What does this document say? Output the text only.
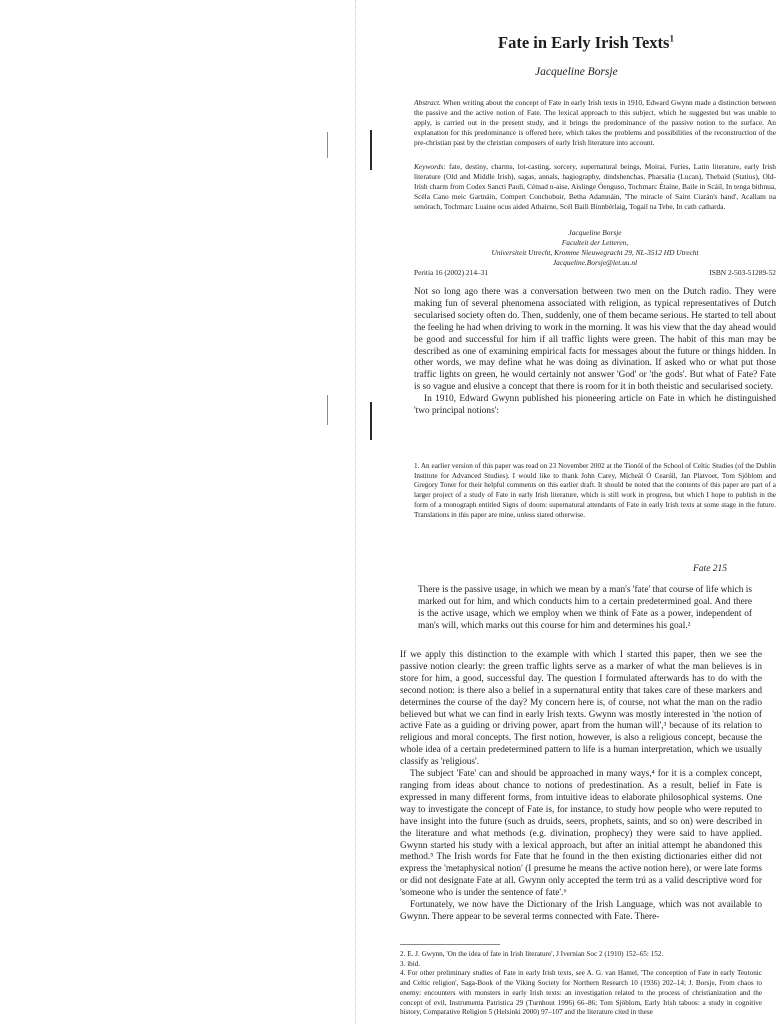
Fate in Early Irish Texts$^1$
Jacqueline Borsje

Abstract. When writing about the concept of Fate in early Irish texts in 1910, Edward Gwynn made a distinction between the passive and the active notion of Fate. The lexical approach to this subject, which he suggested but was unable to apply, is carried out in the present study, and it brings the predominance of the passive notion to the surface. An explanation for this predominance is offered here, which takes the problems and possibilities of the reconstruction of the pre-christian past by the christian composers of early Irish literature into account.

Keywords: fate, destiny, charms, lot-casting, sorcery, supernatural beings, Moirai, Furies, Latin literature, early Irish literature (Old and Middle Irish), sagas, annals, hagiography, dindshenchas, Pharsalia (Lucan), Thebaid (Statius), Old-Irish charm from Codex Sancti Pauli, Cétnad n-aise, Aislinge Óenguso, Tochmarc Étaíne, Baile in Scáil, In tenga bithnua, Scéla Cano meic Gartnáin, Compert Conchobuir, Betha Adamnáin, 'The miracle of Saint Ciarán's hand', Acallam na senórach, Tochmarc Luaine ocus aided Athairne, Scél Baili Binnbérlaig, Togail na Tebe, In cath catharda.

Jacqueline Borsje
Faculteit der Letteren,
Universiteit Utrecht, Kromme Nieuwegracht 29, NL-3512 HD Utrecht
Jacqueline.Borsje@let.uu.nl
Peritia 16 (2002) 214–31	ISBN 2-503-51289-52

Not so long ago there was a conversation between two men on the Dutch radio. They were making fun of several phenomena associated with religion, as typical representatives of Dutch secularised society often do. Then, suddenly, one of them became serious. He started to tell about the feeling he had when driving to work in the morning. It was his view that the day ahead would be good and successful for him if all traffic lights were green. The habit of this man may be described as one of examining empirical facts for messages about the future or things hidden. In other words, we may define what he was doing as divination. If asked who or what put those traffic lights on green, he would certainly not answer 'God' or 'the gods'. But what of Fate? Fate is so vague and elusive a concept that there is room for it in both theistic and secularised society.

In 1910, Edward Gwynn published his pioneering article on Fate in which he distinguished 'two principal notions':

1. An earlier version of this paper was read on 23 November 2002 at the Tionól of the School of Celtic Studies (of the Dublin Institute for Advanced Studies). I would like to thank John Carey, Mícheál Ó Cearúil, Jan Platvoet, Tom Sjöblom and Gregory Toner for their helpful comments on this earlier draft. It should be noted that the contents of this paper are part of a larger project of a study of Fate in early Irish literature, which is still work in progress, but which I hope to publish in the form of a monograph entitled Signs of doom: supernatural attendants of Fate in early Irish texts at some stage in the future. Translations in this paper are mine, unless stated otherwise.

Fate 215

There is the passive usage, in which we mean by a man's 'fate' that course of life which is marked out for him, and which conducts him to a certain predetermined goal. And there is the active usage, which we employ when we think of Fate as a power, independent of man's will, which marks out this course for him and determines his goal.²

If we apply this distinction to the example with which I started this paper, then we see the passive notion clearly: the green traffic lights serve as a marker of what the man believes is in store for him, a good, successful day. The question I formulated afterwards has to do with the second notion: is there also a belief in a supernatural entity that takes care of these markers and determines the course of the day? My concern here is, of course, not what the man on the radio believed but what we can find in early Irish texts. Gwynn was mostly interested in 'the notion of active Fate as a guiding or driving power, apart from the human will',³ because of its relation to religious and moral concepts. The first notion, however, is also a religious concept, because the whole idea of a certain predetermined pattern to life is a human interpretation, which we usually classify as 'religious'.

The subject 'Fate' can and should be approached in many ways,⁴ for it is a complex concept, ranging from ideas about chance to notions of predestination. As a result, belief in Fate is expressed in many different forms, from intuitive ideas to elaborate philosophical systems. One way to investigate the concept of Fate is, for instance, to study how people who were reputed to have insight into the future (such as druids, seers, prophets, saints, and so on) were described in the literature and what methods (e.g. divination, prophecy) they were said to have applied. Gwynn started his study with a lexical approach, but after an initial attempt he abandoned this method.⁵ The Irish words for Fate that he found in the then existing dictionaries either did not express the 'metaphysical notion' (I presume he means the active notion here), or were late forms or did not designate Fate at all. Gwynn only accepted the term trú as a valid descriptive word for 'someone who is under the sentence of fate'.⁶

Fortunately, we now have the Dictionary of the Irish Language, which was not available to Gwynn. There appear to be several terms connected with Fate. There-

2. E. J. Gwynn, 'On the idea of fate in Irish literature', J Ivernian Soc 2 (1910) 152–65: 152.

3. ibid.

4. For other preliminary studies of Fate in early Irish texts, see A. G. van Hamel, 'The conception of Fate in early Teutonic and Celtic religion', Saga-Book of the Viking Society for Northern Research 10 (1936) 202–14; J. Borsje, From chaos to enemy: encounters with monsters in early Irish texts: an investigation related to the process of christianization and the concept of evil, Instrumenta Patristica 29 (Turnhout 1996) 66–86; Tom Sjöblom, Early Irish taboos: a study in cognitive history, Comparative Religion 5 (Helsinki 2000) 97–107 and the literature cited in these
